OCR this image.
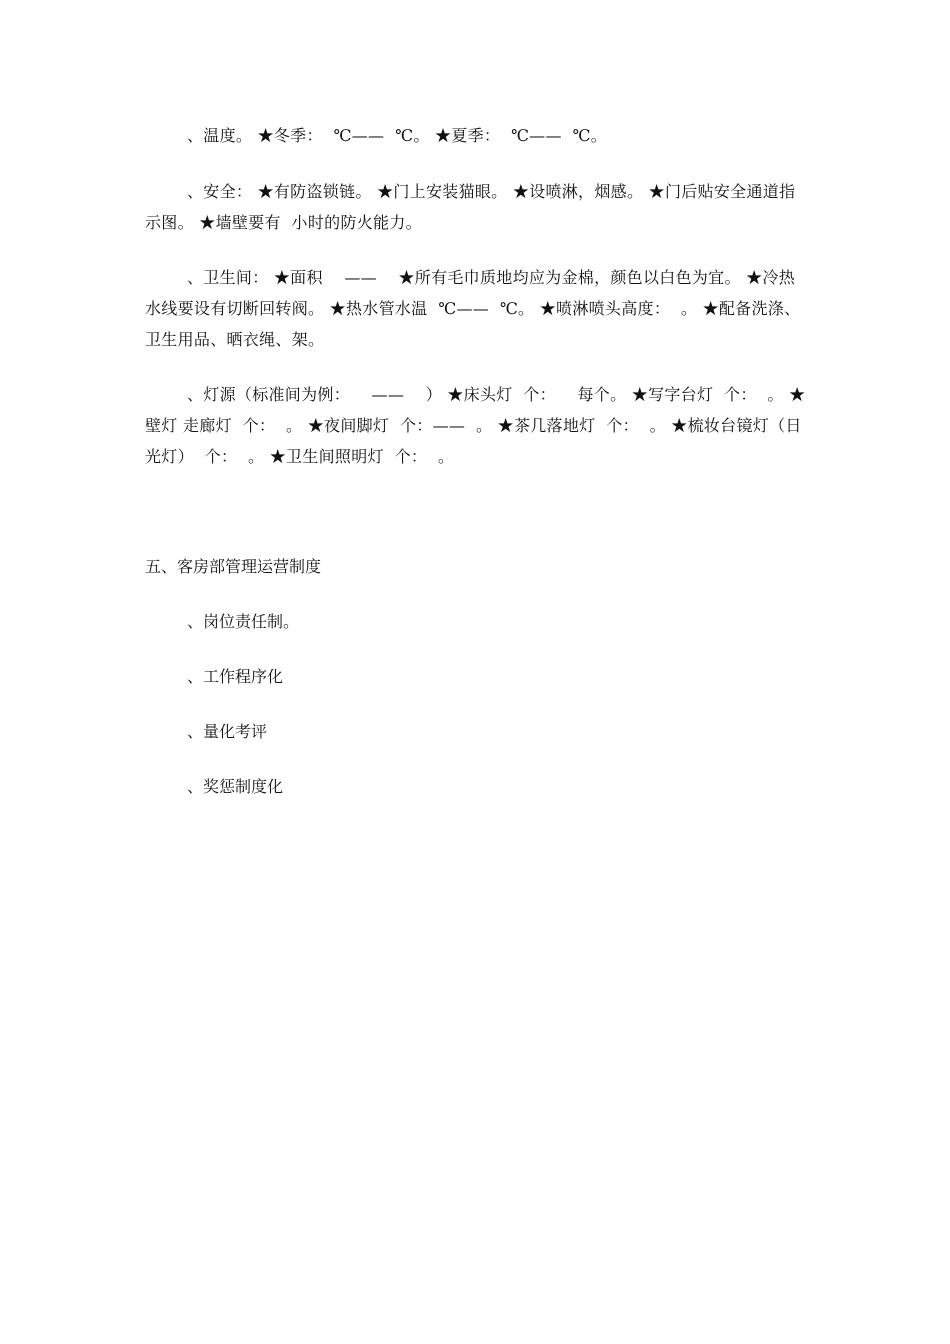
、温度。 ★冬季：  ℃——  ℃。 ★夏季：  ℃——  ℃。
、安全： ★有防盗锁链。 ★门上安装猫眼。 ★设喷淋，烟感。 ★门后贴安全通道指示图。 ★墙壁要有  小时的防火能力。
、卫生间： ★面积    ——    ★所有毛巾质地均应为金棉，颜色以白色为宜。 ★冷热水线要设有切断回转阀。 ★热水管水温  ℃——  ℃。 ★喷淋喷头高度：  。 ★配备洗涤、卫生用品、晒衣绳、架。
、灯源（标准间为例：    ——    ） ★床头灯  个：    每个。 ★写字台灯  个：  。 ★壁灯 走廊灯  个：  。 ★夜间脚灯  个：——  。 ★茶几落地灯  个：  。 ★梳妆台镜灯（日光灯）  个：  。 ★卫生间照明灯  个：  。
五、客房部管理运营制度
、岗位责任制。
、工作程序化
、量化考评
、奖惩制度化
